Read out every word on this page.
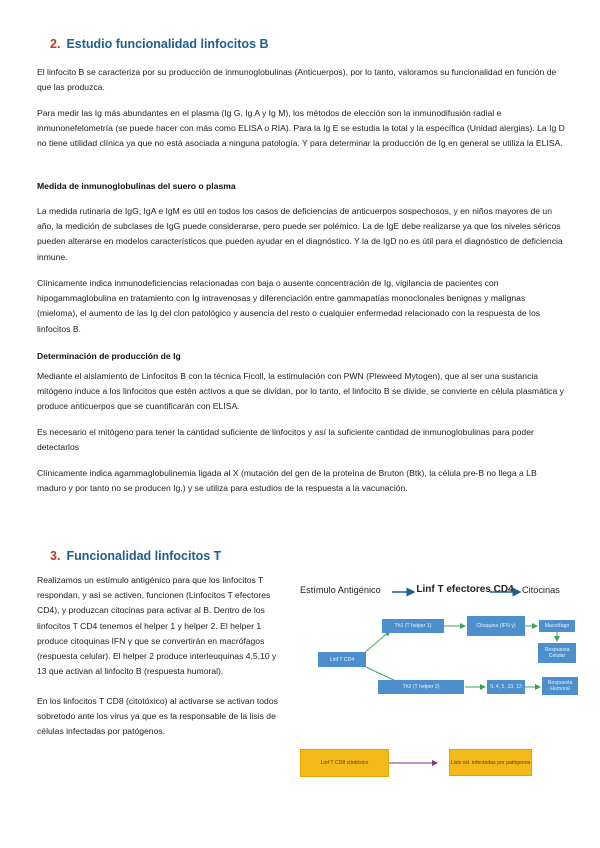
2. Estudio funcionalidad linfocitos B
El linfocito B se caracteriza por su producción de inmunoglobulinas (Anticuerpos), por lo tanto, valoramos su funcionalidad en función de que las produzca.
Para medir las Ig más abundantes en el plasma (Ig G, Ig A y Ig M), los métodos de elección son la inmunodifusión radial e inmunonefelometría (se puede hacer con más como ELISA o RIA). Para la Ig E se estudia la total y la específica (Unidad alergias). La Ig D no tiene utilidad clínica ya que no está asociada a ninguna patología. Y para determinar la producción de Ig en general se utiliza la ELISA.
Medida de inmunoglobulinas del suero o plasma
La medida rutinaria de IgG, IgA e IgM es útil en todos los casos de deficiencias de anticuerpos sospechosos, y en niños mayores de un año, la medición de subclases de IgG puede considerarse, pero puede ser polémico. La de IgE debe realizarse ya que los niveles séricos pueden alterarse en modelos característicos que pueden ayudar en el diagnóstico. Y la de IgD no es útil para el diagnóstico de deficiencia inmune.
Clínicamente indica inmunodeficiencias relacionadas con baja o ausente concentración de Ig, vigilancia de pacientes con hipogammaglobulina en tratamiento con Ig intravenosas y diferenciación entre gammapatías monoclonales benignas y malignas (mieloma), el aumento de las Ig del clon patológico y ausencia del resto o cualquier enfermedad relacionado con la respuesta de los linfocitos B.
Determinación de producción de Ig
Mediante el aislamiento de Linfocitos B con la técnica Ficoll, la estimulación con PWN (Pleweed Mytogen), que al ser una sustancia mitógeno induce a los linfocitos que estén activos a que se dividan, por lo tanto, el linfocito B se divide, se convierte en célula plasmática y produce anticuerpos que se cuantificarán con ELISA.
Es necesario el mitógeno para tener la cantidad suficiente de linfocitos y así la suficiente cantidad de inmunoglobulinas para poder detectarlos
Clínicamente indica agammaglobulinemia ligada al X (mutación del gen de la proteína de Bruton (Btk), la célula pre-B no llega a LB maduro y por tanto no se producen Ig.) y se utiliza para estudios de la respuesta a la vacunación.
3. Funcionalidad linfocitos T
Realizamos un estímulo antigénico para que los linfocitos T respondan, y así se activen, funcionen (Linfocitos T efectores CD4), y produzcan citocinas para activar al B. Dentro de los linfocitos T CD4 tenemos el helper 1 y helper 2. El helper 1 produce citoquinas IFN γ que se convertirán en macrófagos (respuesta celular). El helper 2 produce interleuquinas 4,5,10 y 13 que activan al linfocito B (respuesta humoral).
En los linfocitos T CD8 (citotóxico) al activarse se activan todos sobretodo ante los virus ya que es la responsable de la lisis de células infectadas por patógenos.
Estímulo Antigénico	Linf T efectores CD4 Citocinas
Linf T CD4
Th1 (T helper 1)	Citoquina (IFN γ)	Macrófago
Respuesta Celular
Th2 (T helper 2)	IL 4, 5, 10, 13
Respuesta Humoral
Linf T CD8 citotóxico	Lisis cél. infectadas por patógenos
